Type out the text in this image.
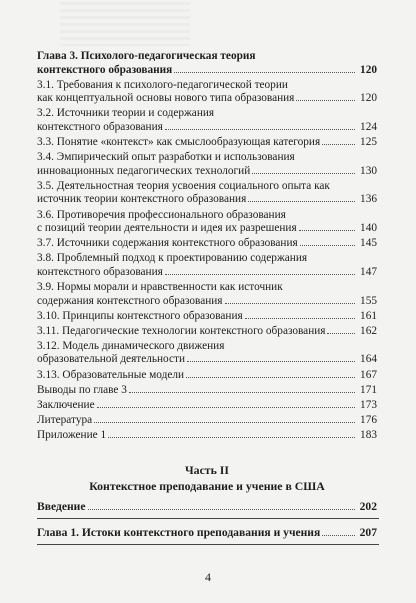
Глава 3. Психолого-педагогическая теория
контекстного образования	120
3.1. Требования к психолого-педагогической теории
как концептуальной основы нового типа образования	120
3.2. Источники теории и содержания
контекстного образования	124
3.3. Понятие «контекст» как смыслообразующая категория	125
3.4. Эмпирический опыт разработки и использования
инновационных педагогических технологий	130
3.5. Деятельностная теория усвоения социального опыта как
источник теории контекстного образования	136
3.6. Противоречия профессионального образования
с позиций теории деятельности и идея их разрешения	140
3.7. Источники содержания контекстного образования	145
3.8. Проблемный подход к проектированию содержания
контекстного образования	147
3.9. Нормы морали и нравственности как источник
содержания контекстного образования	155
3.10. Принципы контекстного образования	161
3.11. Педагогические технологии контекстного образования	162
3.12. Модель динамического движения
образовательной деятельности	164
3.13. Образовательные модели	167
Выводы по главе 3	171
Заключение	173
Литература	176
Приложение 1	183
Часть II
Контекстное преподавание и учение в США
Введение	202
Глава 1. Истоки контекстного преподавания и учения	207
4
